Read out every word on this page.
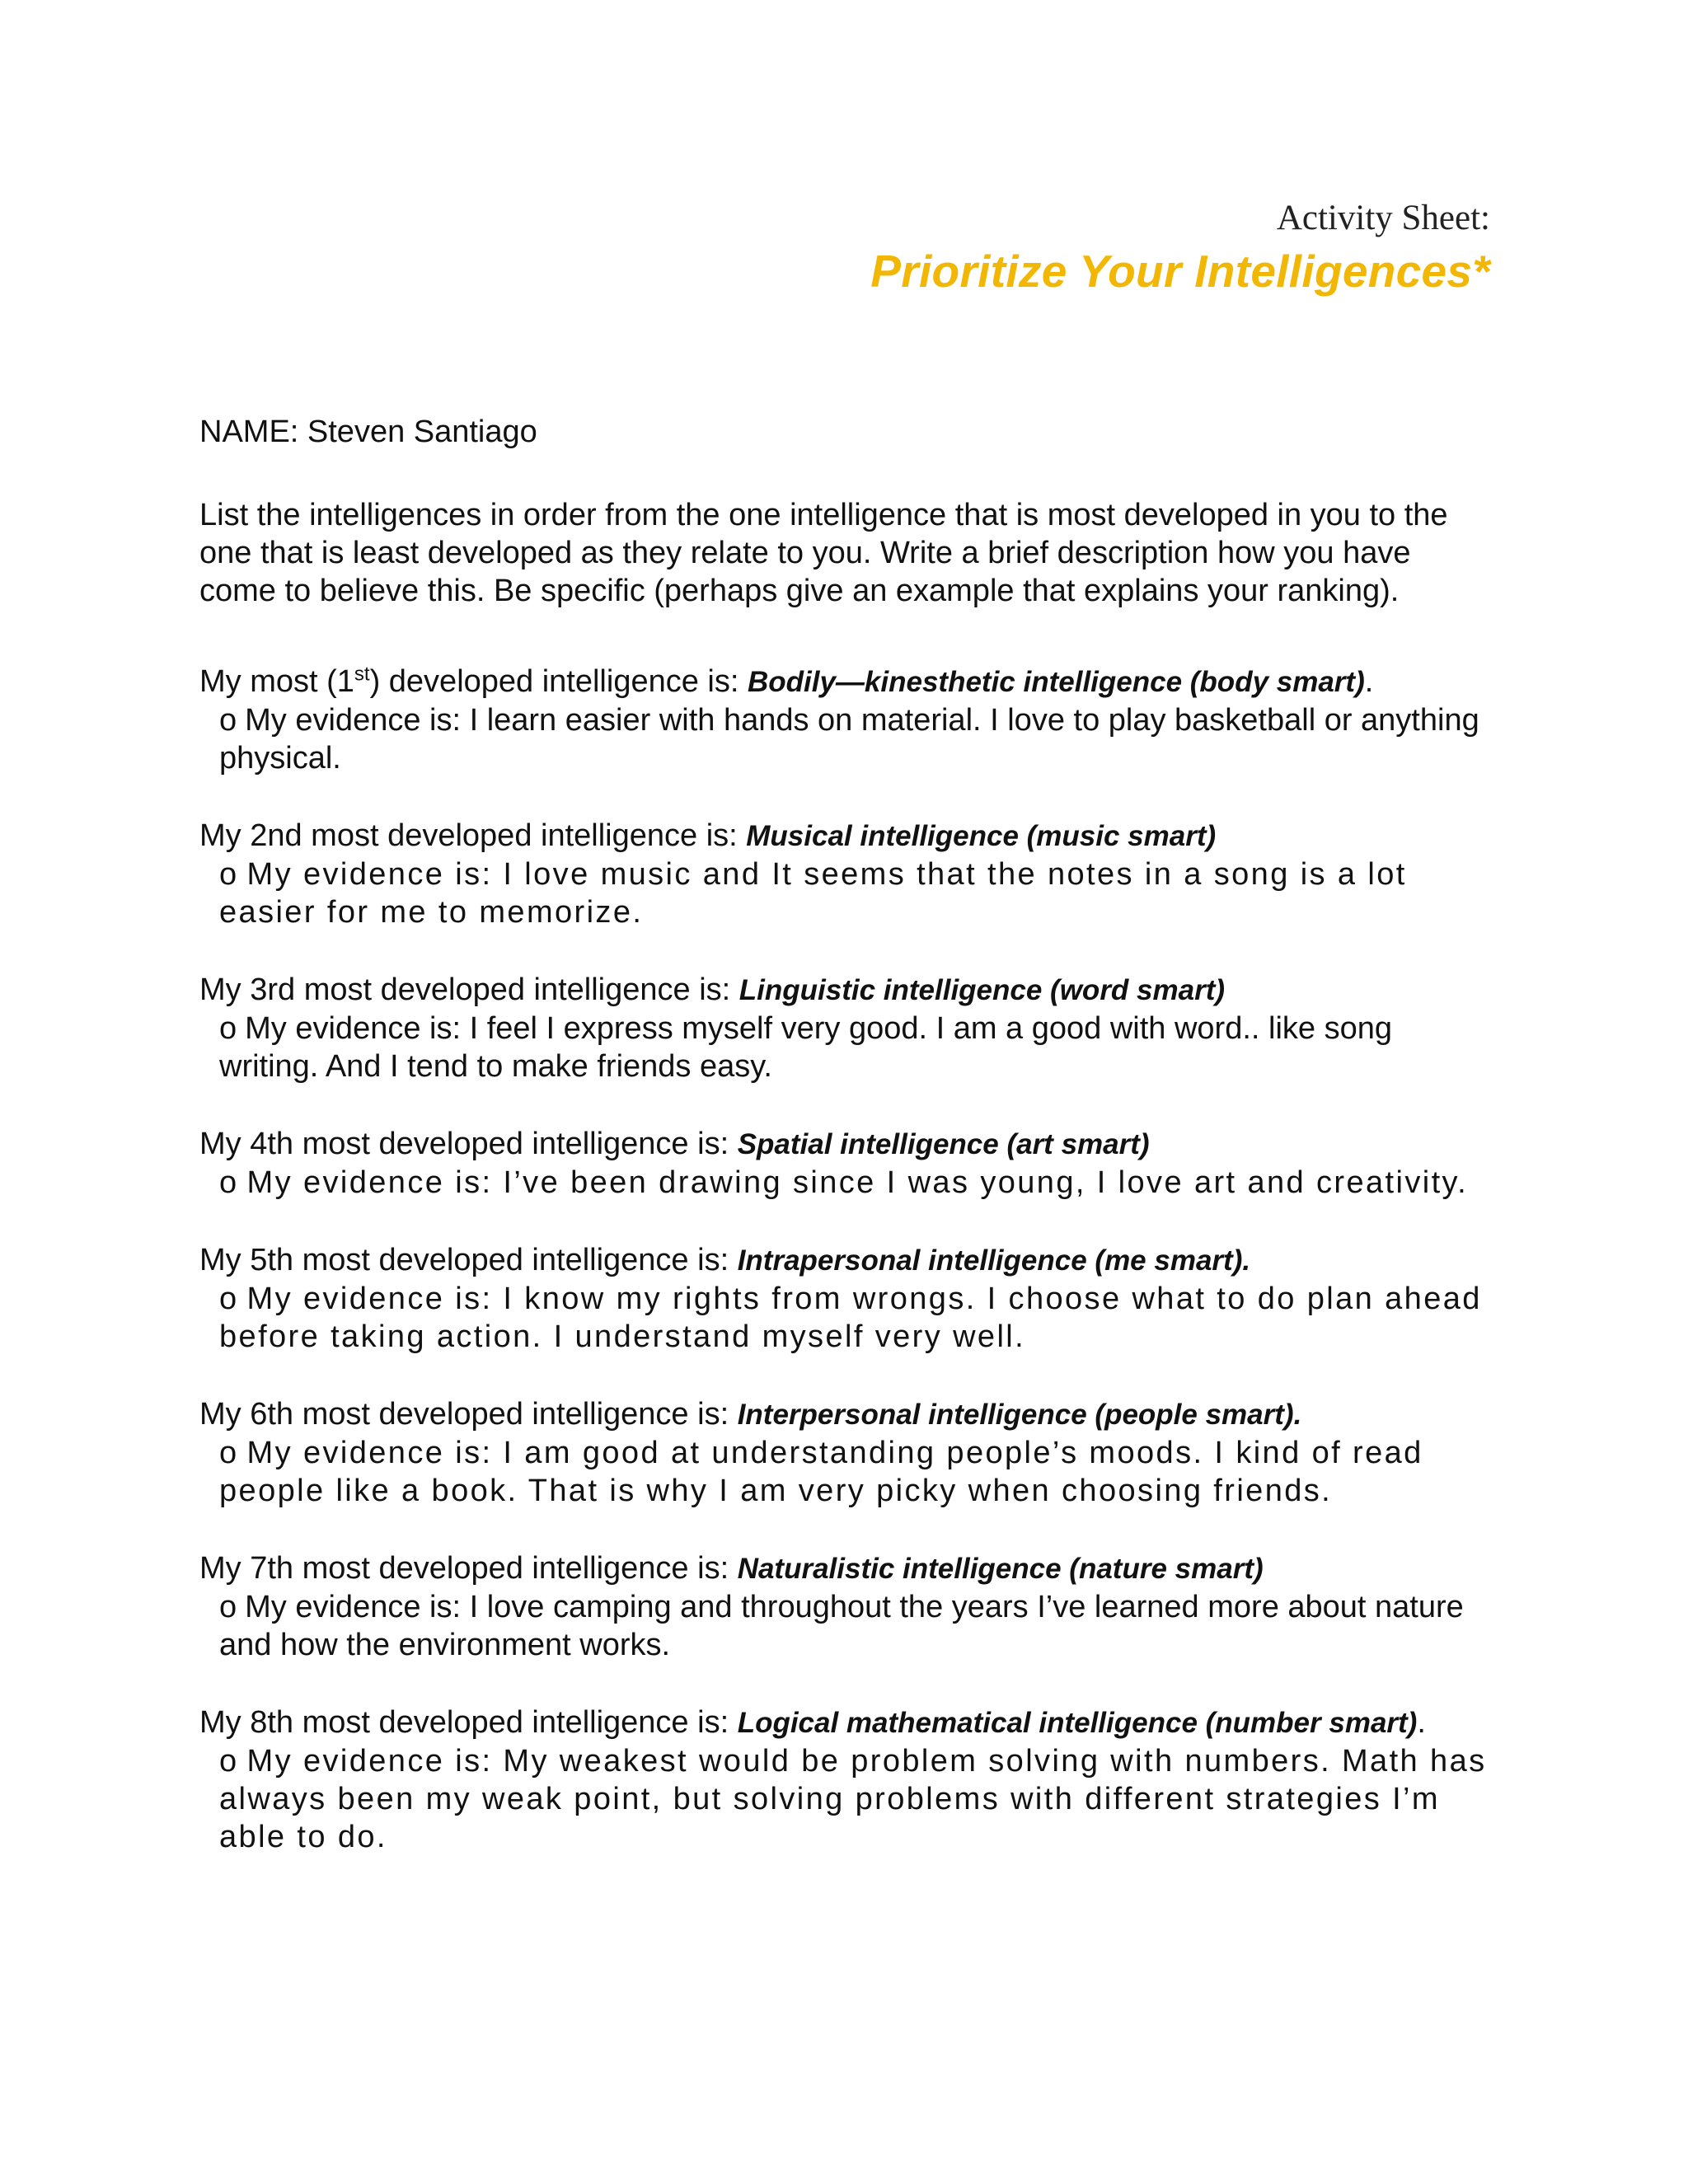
Activity Sheet:
Prioritize Your Intelligences*
NAME: Steven Santiago
List the intelligences in order from the one intelligence that is most developed in you to the one that is least developed as they relate to you. Write a brief description how you have come to believe this. Be specific (perhaps give an example that explains your ranking).
My most (1st) developed intelligence is: Bodily—kinesthetic intelligence (body smart).
o My evidence is: I learn easier with hands on material. I love to play basketball or anything physical.
My 2nd most developed intelligence is: Musical intelligence (music smart)
o My evidence is: I love music and It seems that the notes in a song is a lot easier for me to memorize.
My 3rd most developed intelligence is: Linguistic intelligence (word smart)
o My evidence is: I feel I express myself very good. I am a good with word.. like song writing. And I tend to make friends easy.
My 4th most developed intelligence is: Spatial intelligence (art smart)
o My evidence is: I’ve been drawing since I was young, I love art and creativity.
My 5th most developed intelligence is: Intrapersonal intelligence (me smart).
o My evidence is: I know my rights from wrongs. I choose what to do plan ahead before taking action. I understand myself very well.
My 6th most developed intelligence is: Interpersonal intelligence (people smart).
o My evidence is: I am good at understanding people’s moods. I kind of read people like a book. That is why I am very picky when choosing friends.
My 7th most developed intelligence is: Naturalistic intelligence (nature smart)
o My evidence is: I love camping and throughout the years I’ve learned more about nature and how the environment works.
My 8th most developed intelligence is: Logical mathematical intelligence (number smart).
o My evidence is: My weakest would be problem solving with numbers. Math has always been my weak point, but solving problems with different strategies I’m able to do.
